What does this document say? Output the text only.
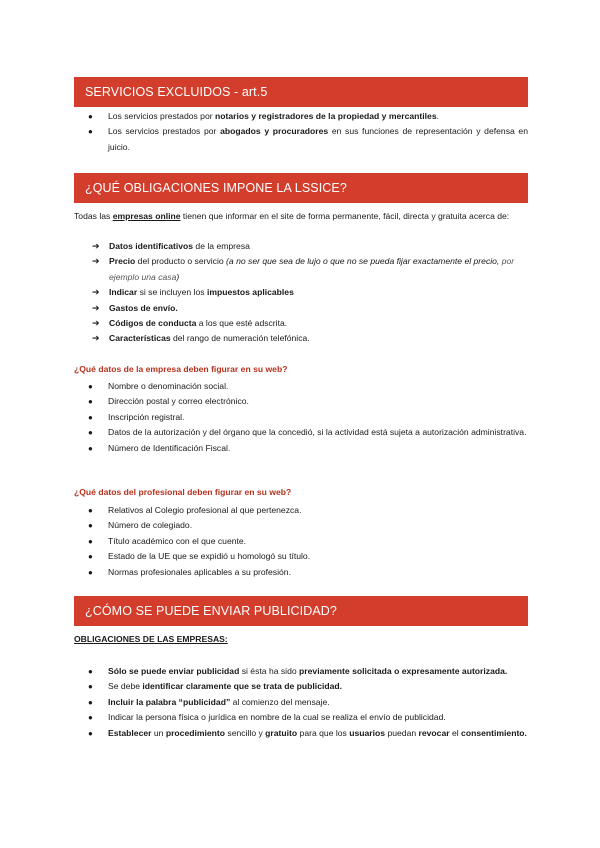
SERVICIOS EXCLUIDOS - art.5
● Los servicios prestados por notarios y registradores de la propiedad y mercantiles.
● Los servicios prestados por abogados y procuradores en sus funciones de representación y defensa en juicio.
¿QUÉ OBLIGACIONES IMPONE LA LSSICE?
Todas las empresas online tienen que informar en el site de forma permanente, fácil, directa y gratuita acerca de:
➔ Datos identificativos de la empresa
➔ Precio del producto o servicio (a no ser que sea de lujo o que no se pueda fijar exactamente el precio, por ejemplo una casa)
➔ Indicar si se incluyen los impuestos aplicables
➔ Gastos de envío.
➔ Códigos de conducta a los que esté adscrita.
➔ Características del rango de numeración telefónica.
¿Qué datos de la empresa deben figurar en su web?
● Nombre o denominación social.
● Dirección postal y correo electrónico.
● Inscripción registral.
● Datos de la autorización y del órgano que la concedió, si la actividad está sujeta a autorización administrativa.
● Número de Identificación Fiscal.
¿Qué datos del profesional deben figurar en su web?
● Relativos al Colegio profesional al que pertenezca.
● Número de colegiado.
● Título académico con el que cuente.
● Estado de la UE que se expidió u homologó su título.
● Normas profesionales aplicables a su profesión.
¿CÓMO SE PUEDE ENVIAR PUBLICIDAD?
OBLIGACIONES DE LAS EMPRESAS:
● Sólo se puede enviar publicidad si ésta ha sido previamente solicitada o expresamente autorizada.
● Se debe identificar claramente que se trata de publicidad.
● Incluir la palabra “publicidad” al comienzo del mensaje.
● Indicar la persona física o jurídica en nombre de la cual se realiza el envío de publicidad.
● Establecer un procedimiento sencillo y gratuito para que los usuarios puedan revocar el consentimiento.
